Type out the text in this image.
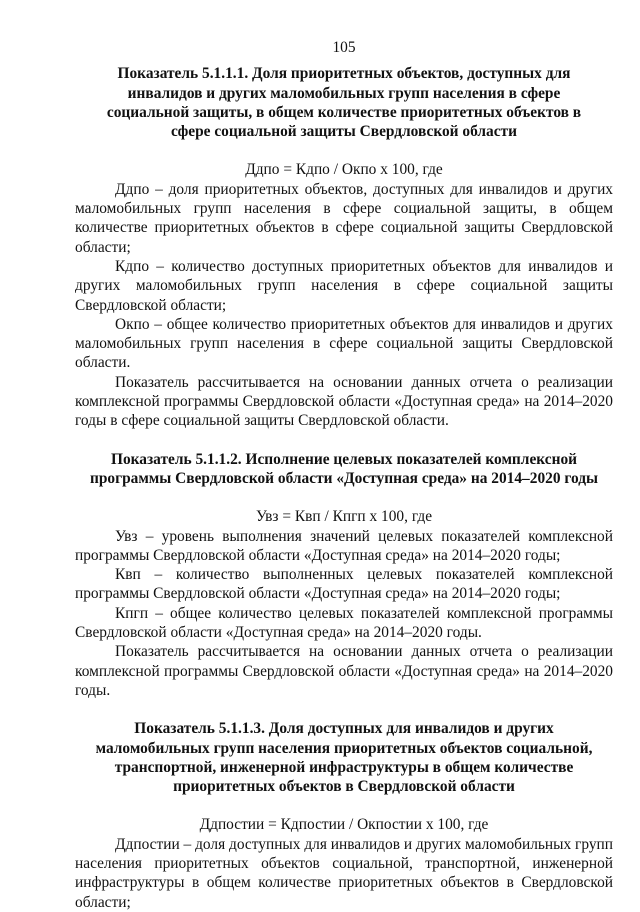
105

Показатель 5.1.1.1. Доля приоритетных объектов, доступных для инвалидов и других маломобильных групп населения в сфере социальной защиты, в общем количестве приоритетных объектов в сфере социальной защиты Свердловской области

Ддпо = Кдпо / Окпо х 100, где

Ддпо – доля приоритетных объектов, доступных для инвалидов и других маломобильных групп населения в сфере социальной защиты, в общем количестве приоритетных объектов в сфере социальной защиты Свердловской области;

Кдпо – количество доступных приоритетных объектов для инвалидов и других маломобильных групп населения в сфере социальной защиты Свердловской области;

Окпо – общее количество приоритетных объектов для инвалидов и других маломобильных групп населения в сфере социальной защиты Свердловской области.

Показатель рассчитывается на основании данных отчета о реализации комплексной программы Свердловской области «Доступная среда» на 2014–2020 годы в сфере социальной защиты Свердловской области.

Показатель 5.1.1.2. Исполнение целевых показателей комплексной программы Свердловской области «Доступная среда» на 2014–2020 годы

Увз = Квп / Кпгп х 100, где

Увз – уровень выполнения значений целевых показателей комплексной программы Свердловской области «Доступная среда» на 2014–2020 годы;

Квп – количество выполненных целевых показателей комплексной программы Свердловской области «Доступная среда» на 2014–2020 годы;

Кпгп – общее количество целевых показателей комплексной программы Свердловской области «Доступная среда» на 2014–2020 годы.

Показатель рассчитывается на основании данных отчета о реализации комплексной программы Свердловской области «Доступная среда» на 2014–2020 годы.

Показатель 5.1.1.3. Доля доступных для инвалидов и других маломобильных групп населения приоритетных объектов социальной, транспортной, инженерной инфраструктуры в общем количестве приоритетных объектов в Свердловской области

Ддпостии = Кдпостии / Окпостии х 100, где

Ддпостии – доля доступных для инвалидов и других маломобильных групп населения приоритетных объектов социальной, транспортной, инженерной инфраструктуры в общем количестве приоритетных объектов в Свердловской области;
